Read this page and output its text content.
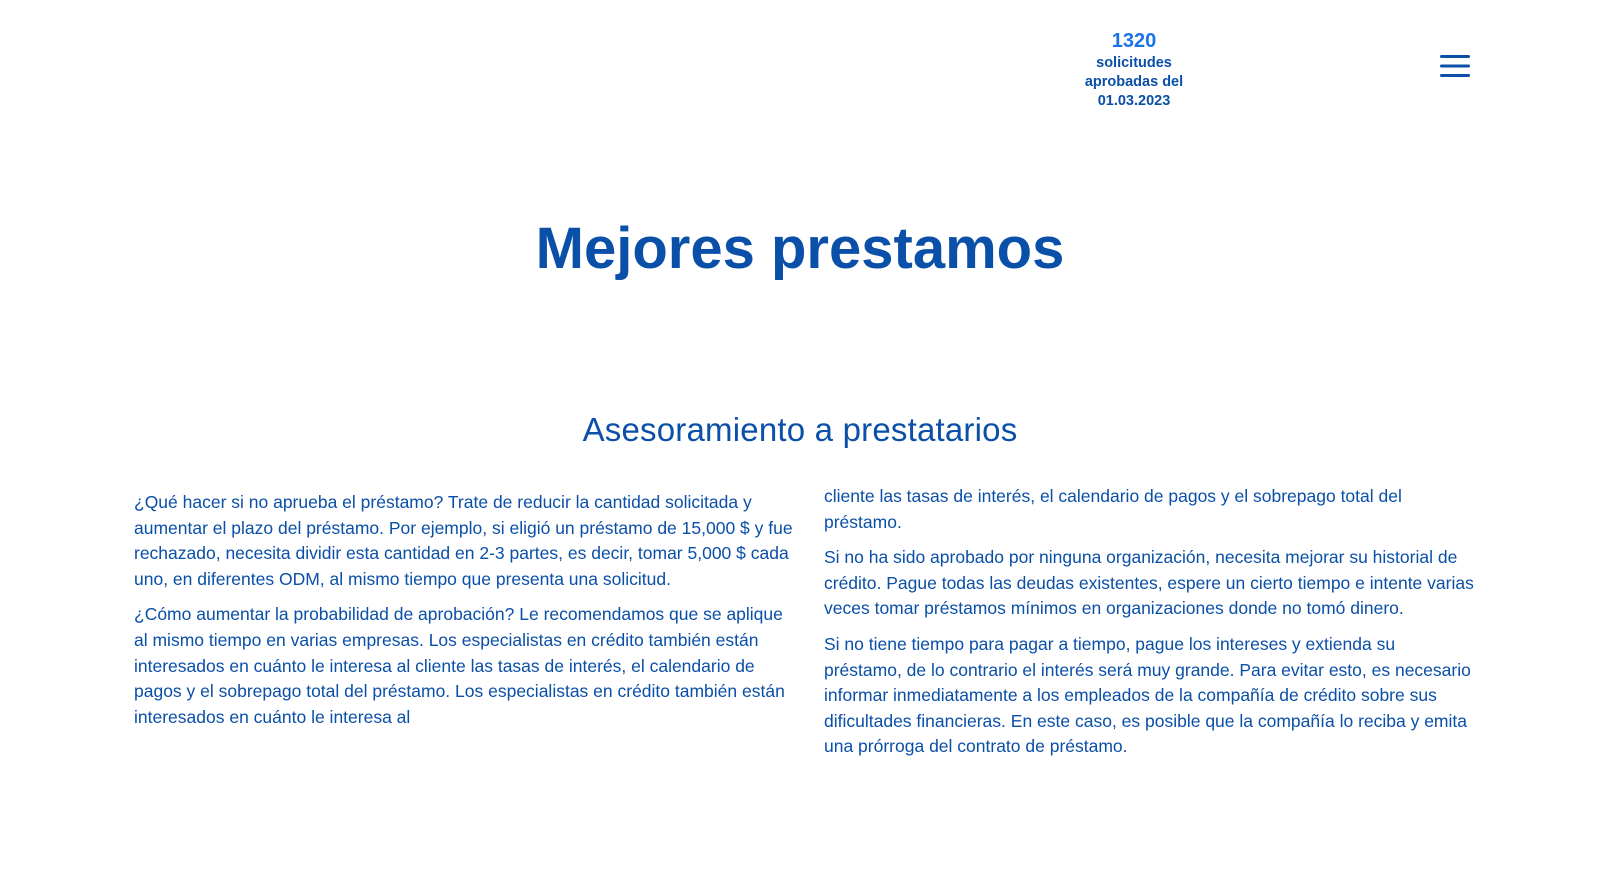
1320
solicitudes
aprobadas del
01.03.2023
Mejores prestamos
Asesoramiento a prestatarios

¿Qué hacer si no aprueba el préstamo? Trate de reducir la cantidad solicitada y aumentar el plazo del préstamo. Por ejemplo, si eligió un préstamo de 15,000 $ y fue rechazado, necesita dividir esta cantidad en 2-3 partes, es decir, tomar 5,000 $ cada uno, en diferentes ODM, al mismo tiempo que presenta una solicitud.

¿Cómo aumentar la probabilidad de aprobación? Le recomendamos que se aplique al mismo tiempo en varias empresas. Los especialistas en crédito también están interesados en cuánto le interesa al cliente las tasas de interés, el calendario de pagos y el sobrepago total del préstamo. Los especialistas en crédito también están interesados en cuánto le interesa al

cliente las tasas de interés, el calendario de pagos y el sobrepago total del préstamo.

Si no ha sido aprobado por ninguna organización, necesita mejorar su historial de crédito. Pague todas las deudas existentes, espere un cierto tiempo e intente varias veces tomar préstamos mínimos en organizaciones donde no tomó dinero.

Si no tiene tiempo para pagar a tiempo, pague los intereses y extienda su préstamo, de lo contrario el interés será muy grande. Para evitar esto, es necesario informar inmediatamente a los empleados de la compañía de crédito sobre sus dificultades financieras. En este caso, es posible que la compañía lo reciba y emita una prórroga del contrato de préstamo.
